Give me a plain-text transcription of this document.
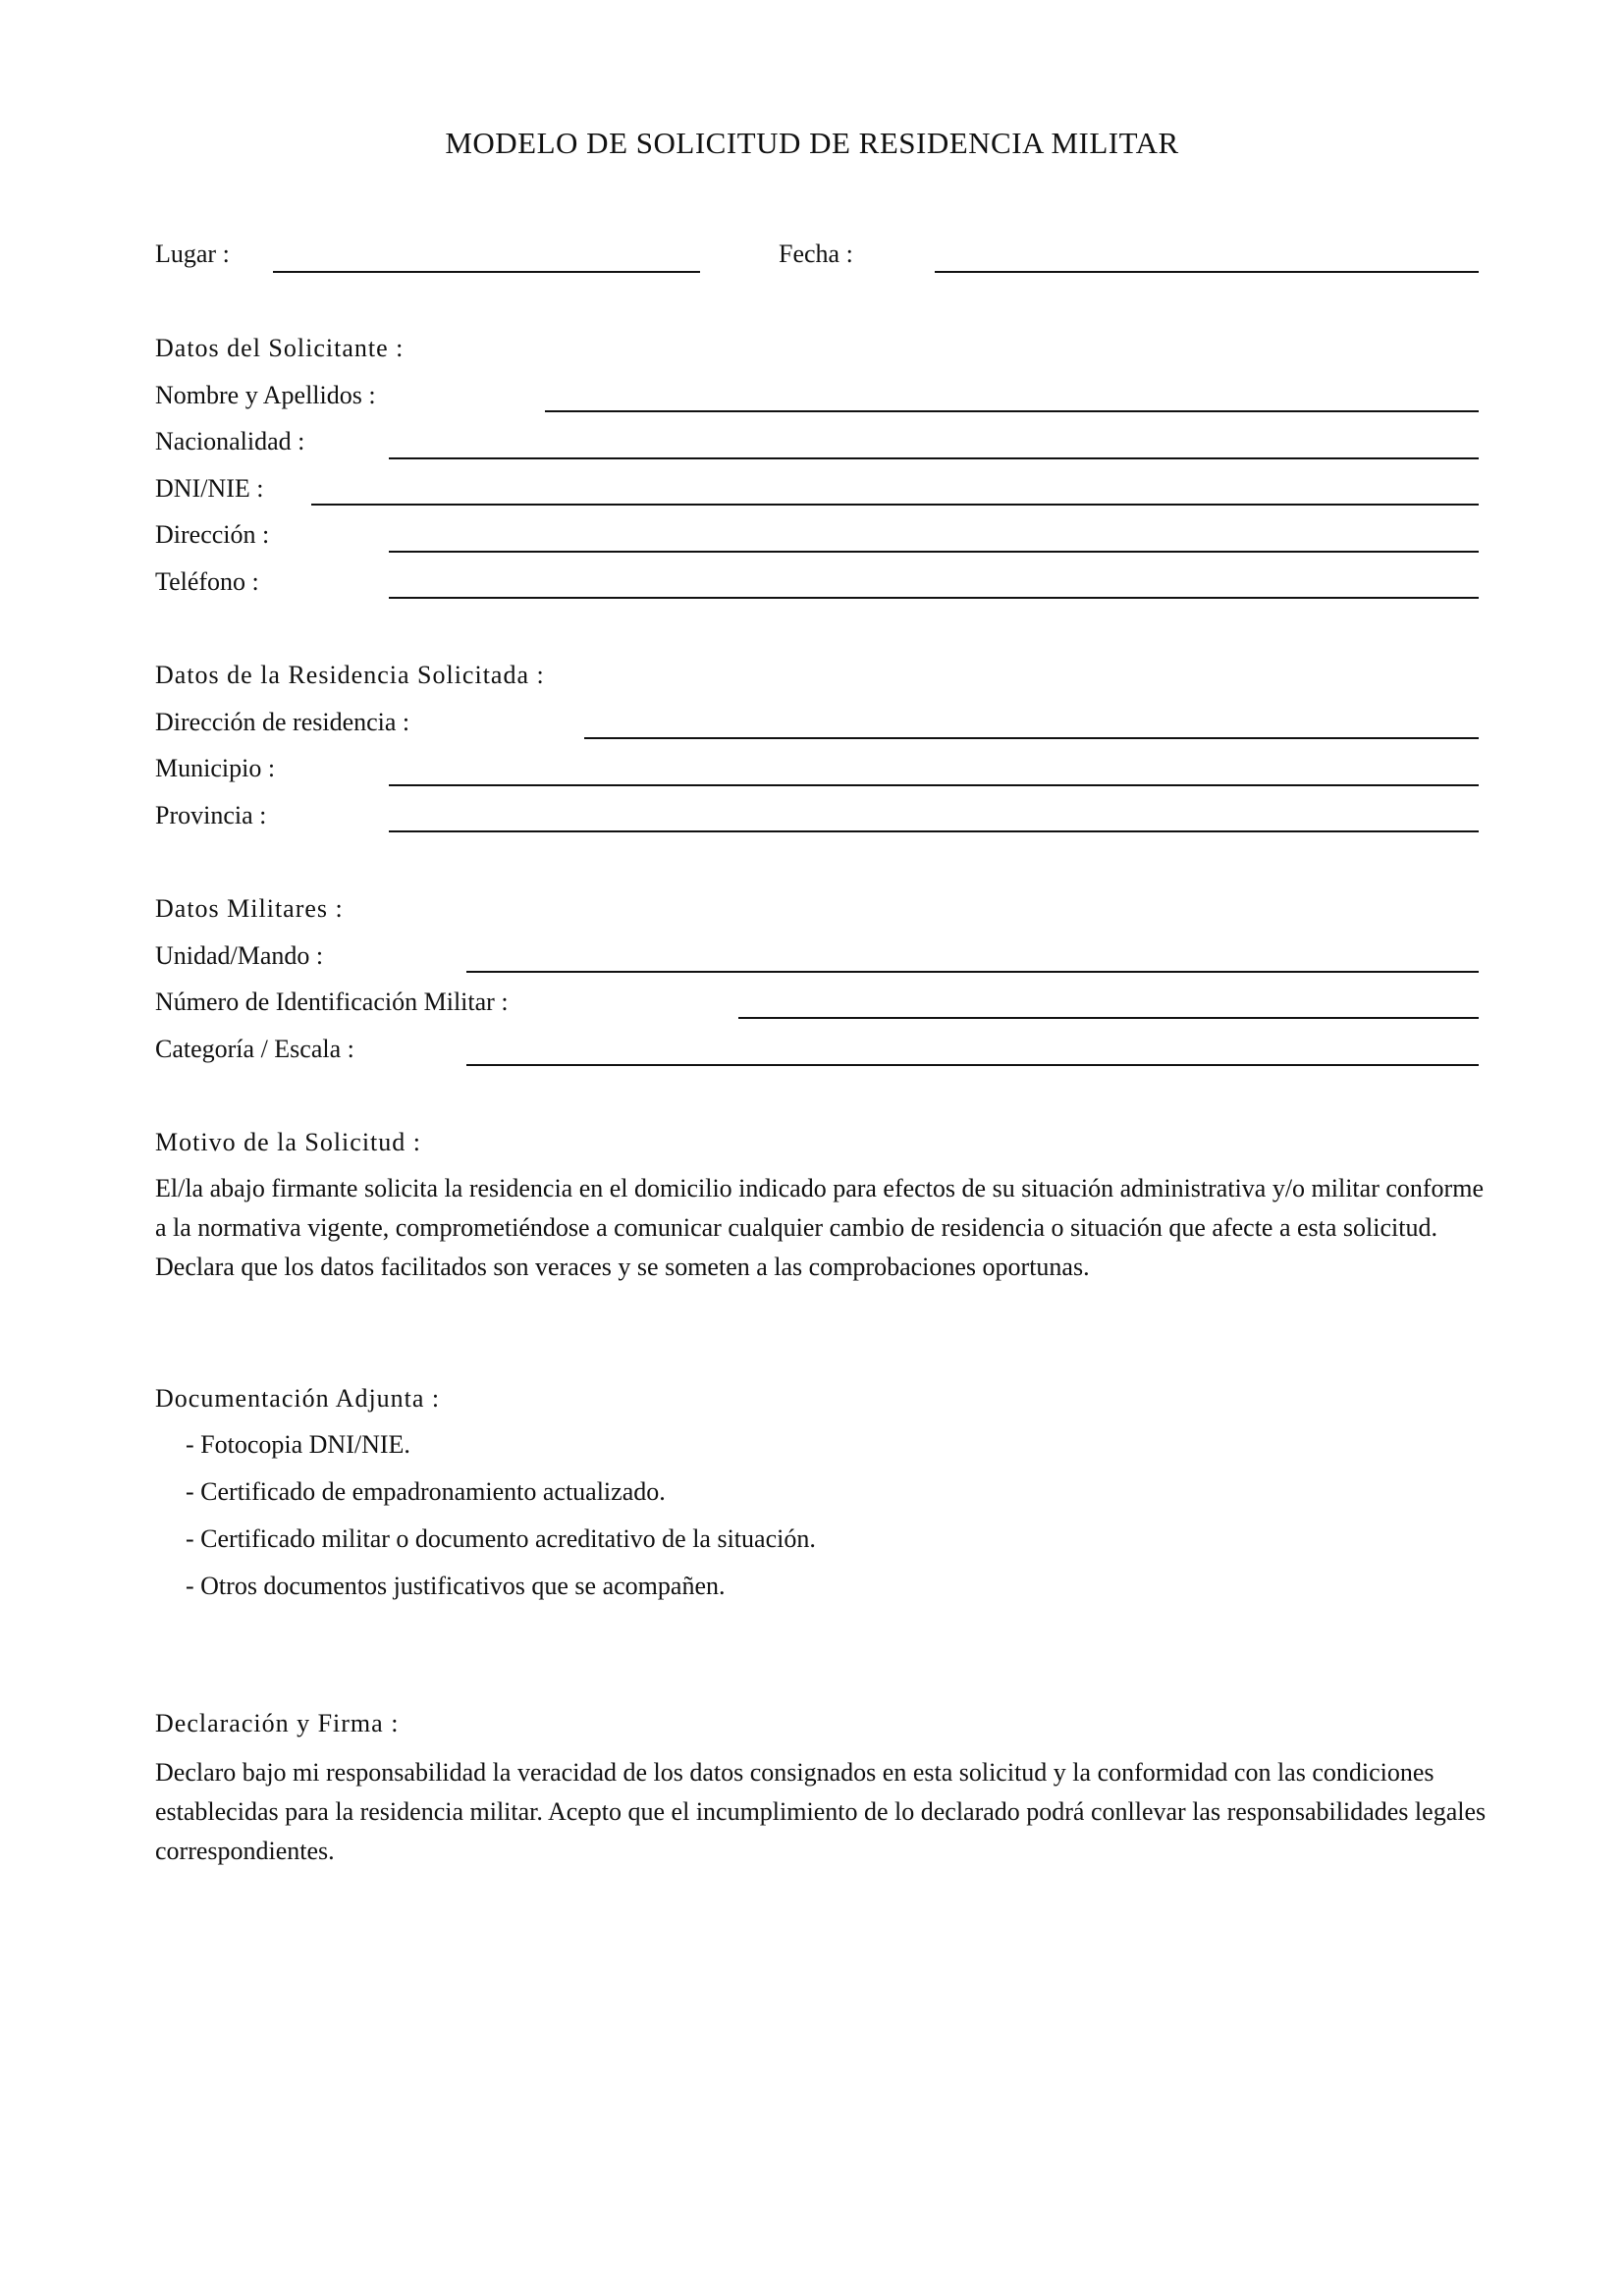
MODELO DE SOLICITUD DE RESIDENCIA MILITAR
Lugar :	Fecha :
Datos del Solicitante :
Nombre y Apellidos :
Nacionalidad :
DNI/NIE :
Dirección :
Teléfono :
Datos de la Residencia Solicitada :
Dirección de residencia :
Municipio :
Provincia :
Datos Militares :
Unidad/Mando :
Número de Identificación Militar :
Categoría / Escala :
Motivo de la Solicitud :
El/la abajo firmante solicita la residencia en el domicilio indicado para efectos de su situación administrativa y/o militar conforme a la normativa vigente, comprometiéndose a comunicar cualquier cambio de residencia o situación que afecte a esta solicitud. Declara que los datos facilitados son veraces y se someten a las comprobaciones oportunas.
Documentación Adjunta :
- Fotocopia DNI/NIE.
- Certificado de empadronamiento actualizado.
- Certificado militar o documento acreditativo de la situación.
- Otros documentos justificativos que se acompañen.
Declaración y Firma :
Declaro bajo mi responsabilidad la veracidad de los datos consignados en esta solicitud y la conformidad con las condiciones establecidas para la residencia militar. Acepto que el incumplimiento de lo declarado podrá conllevar las responsabilidades legales correspondientes.
